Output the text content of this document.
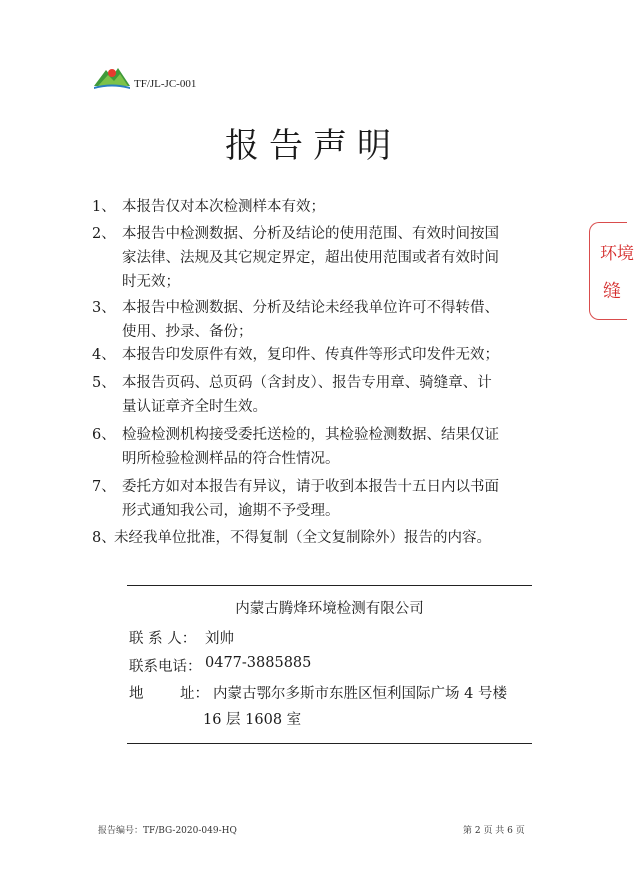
TF/JL-JC-001
报告声明
1、 本报告仅对本次检测样本有效；
2、 本报告中检测数据、分析及结论的使用范围、有效时间按国
家法律、法规及其它规定界定，超出使用范围或者有效时间
时无效；
3、 本报告中检测数据、分析及结论未经我单位许可不得转借、
使用、抄录、备份；
4、 本报告印发原件有效，复印件、传真件等形式印发件无效；
5、 本报告页码、总页码（含封皮）、报告专用章、骑缝章、计
量认证章齐全时生效。
6、 检验检测机构接受委托送检的，其检验检测数据、结果仅证
明所检验检测样品的符合性情况。
7、 委托方如对本报告有异议，请于收到本报告十五日内以书面
形式通知我公司，逾期不予受理。
8、
未经我单位批准，不得复制（全文复制除外）报告的内容。
内蒙古腾烽环境检测有限公司
联 系 人： 刘帅
联系电话： 0477-3885885
地	址： 内蒙古鄂尔多斯市东胜区恒利国际广场 4 号楼
16 层 1608 室
报告编号：TF/BG-2020-049-HQ	第 2 页 共 6 页
环境
缝
